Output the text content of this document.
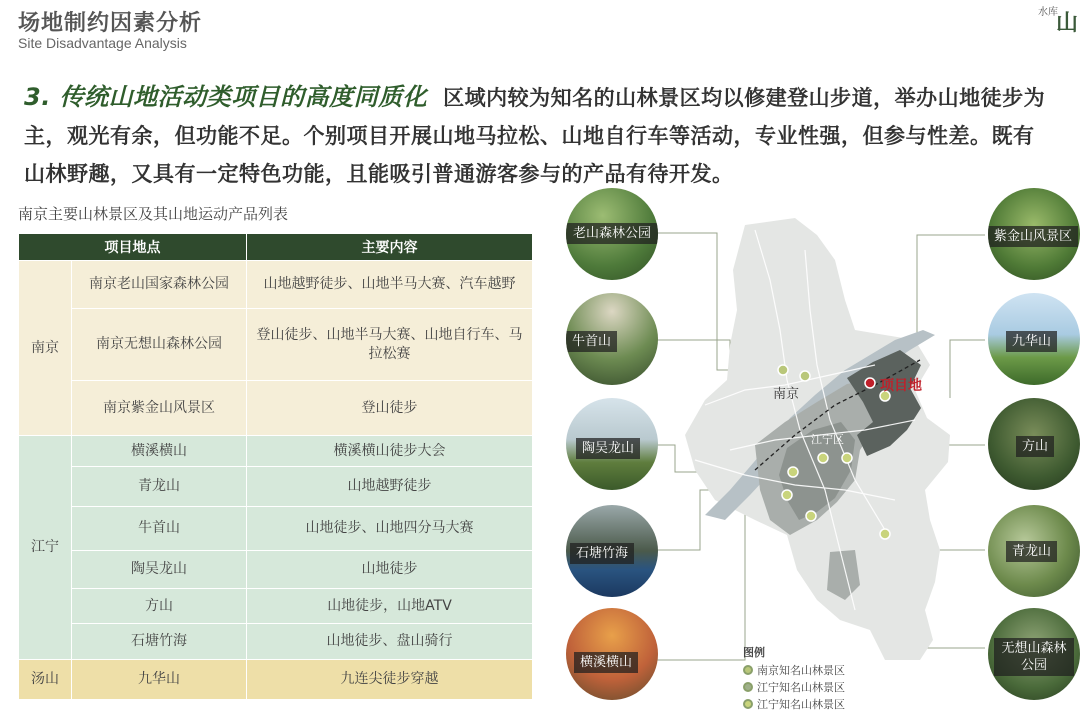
场地制约因素分析
Site Disadvantage Analysis
水库
山
3. 传统山地活动类项目的高度同质化 区域内较为知名的山林景区均以修建登山步道，举办山地徒步为主，观光有余，但功能不足。个别项目开展山地马拉松、山地自行车等活动，专业性强，但参与性差。既有山林野趣，又具有一定特色功能，且能吸引普通游客参与的产品有待开发。
南京主要山林景区及其山地运动产品列表
项目地点		主要内容
南京	南京老山国家森林公园	山地越野徒步、山地半马大赛、汽车越野
	南京无想山森林公园	登山徒步、山地半马大赛、山地自行车、马拉松赛
	南京紫金山风景区	登山徒步
江宁	横溪横山	横溪横山徒步大会
	青龙山	山地越野徒步
	牛首山	山地徒步、山地四分马大赛
	陶吴龙山	山地徒步
	方山	山地徒步，山地ATV
	石塘竹海	山地徒步、盘山骑行
汤山	九华山	九连尖徒步穿越
南京
江宁区
项目地
老山森林公园
牛首山
陶吴龙山
石塘竹海
横溪横山
紫金山风景区
九华山
方山
青龙山
无想山森林公园
图例
南京知名山林景区
江宁知名山林景区
江宁知名山林景区
